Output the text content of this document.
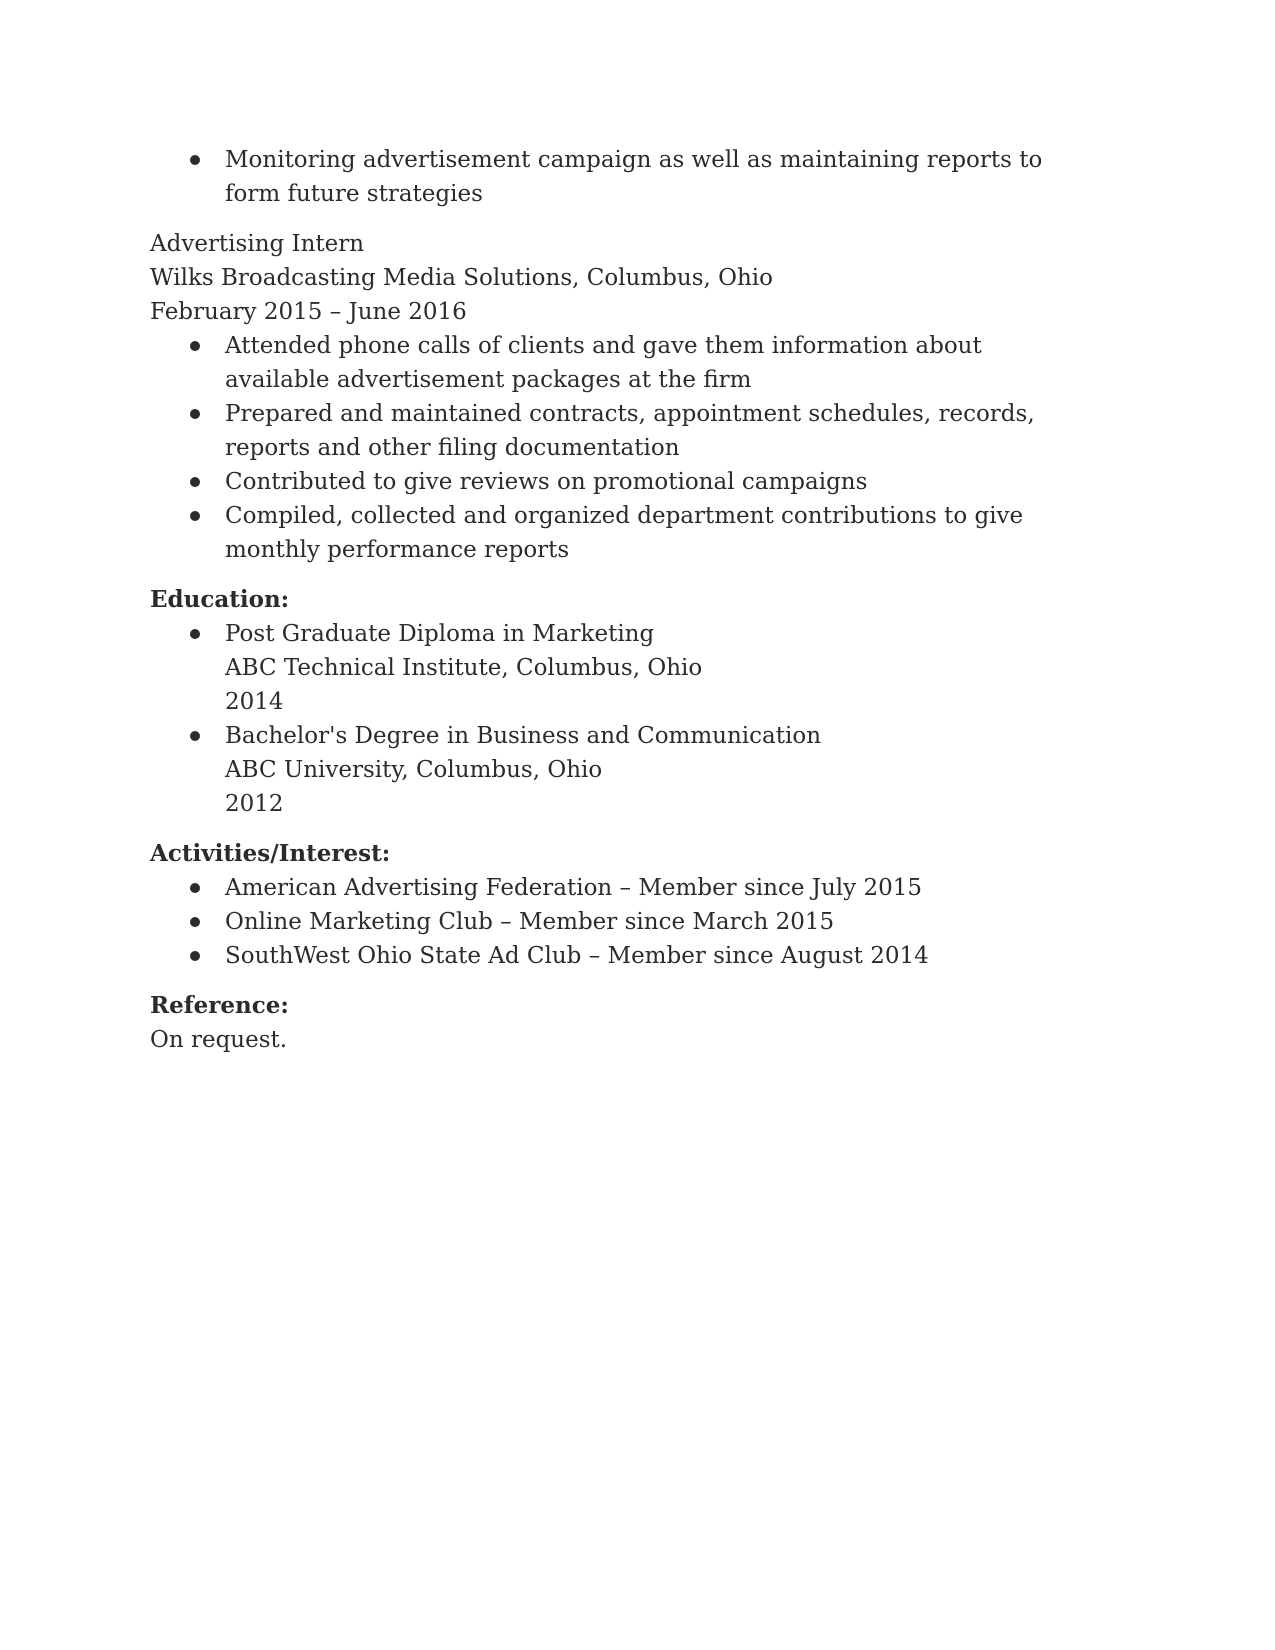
Monitoring advertisement campaign as well as maintaining reports to form future strategies
Advertising Intern
Wilks Broadcasting Media Solutions, Columbus, Ohio
February 2015 – June 2016
Attended phone calls of clients and gave them information about available advertisement packages at the firm
Prepared and maintained contracts, appointment schedules, records, reports and other filing documentation
Contributed to give reviews on promotional campaigns
Compiled, collected and organized department contributions to give monthly performance reports
Education:
Post Graduate Diploma in Marketing
ABC Technical Institute, Columbus, Ohio
2014
Bachelor's Degree in Business and Communication
ABC University, Columbus, Ohio
2012
Activities/Interest:
American Advertising Federation – Member since July 2015
Online Marketing Club – Member since March 2015
SouthWest Ohio State Ad Club – Member since August 2014
Reference:
On request.
